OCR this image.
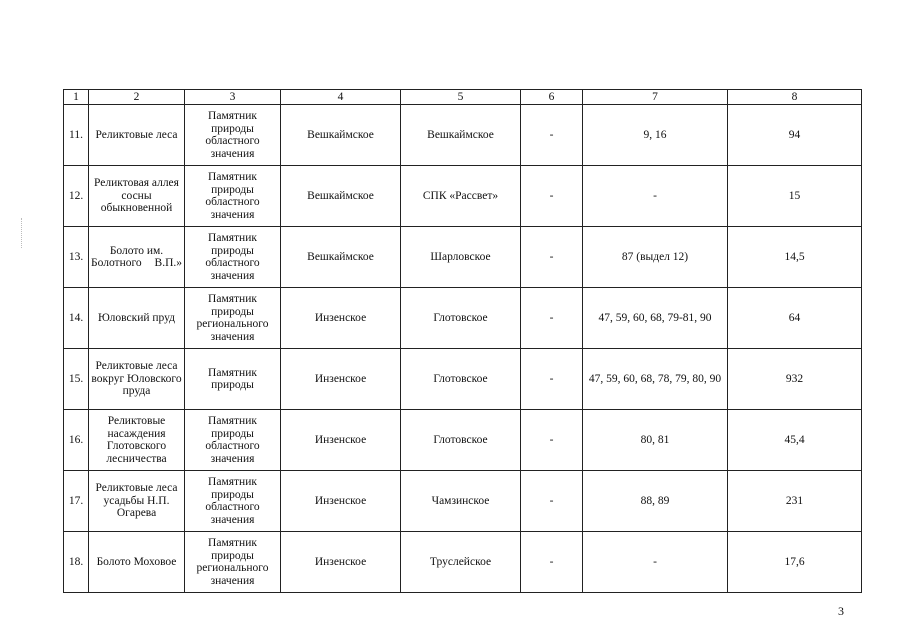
1	2	3	4	5	6	7	8
11.	Реликтовые леса	Памятник природы областного значения	Вешкаймское	Вешкаймское	-	9, 16	94
12.	Реликтовая аллея сосны обыкновенной	Памятник природы областного значения	Вешкаймское	СПК «Рассвет»	-	-	15
13.	Болото им. Болотного В.П.»	Памятник природы областного значения	Вешкаймское	Шарловское	-	87 (выдел 12)	14,5
14.	Юловский пруд	Памятник природы регионального значения	Инзенское	Глотовское	-	47, 59, 60, 68, 79-81, 90	64
15.	Реликтовые леса вокруг Юловского пруда	Памятник природы	Инзенское	Глотовское	-	47, 59, 60, 68, 78, 79, 80, 90	932
16.	Реликтовые насаждения Глотовского лесничества	Памятник природы областного значения	Инзенское	Глотовское	-	80, 81	45,4
17.	Реликтовые леса усадьбы Н.П. Огарева	Памятник природы областного значения	Инзенское	Чамзинское	-	88, 89	231
18.	Болото Моховое	Памятник природы регионального значения	Инзенское	Труслейское	-	-	17,6
3
